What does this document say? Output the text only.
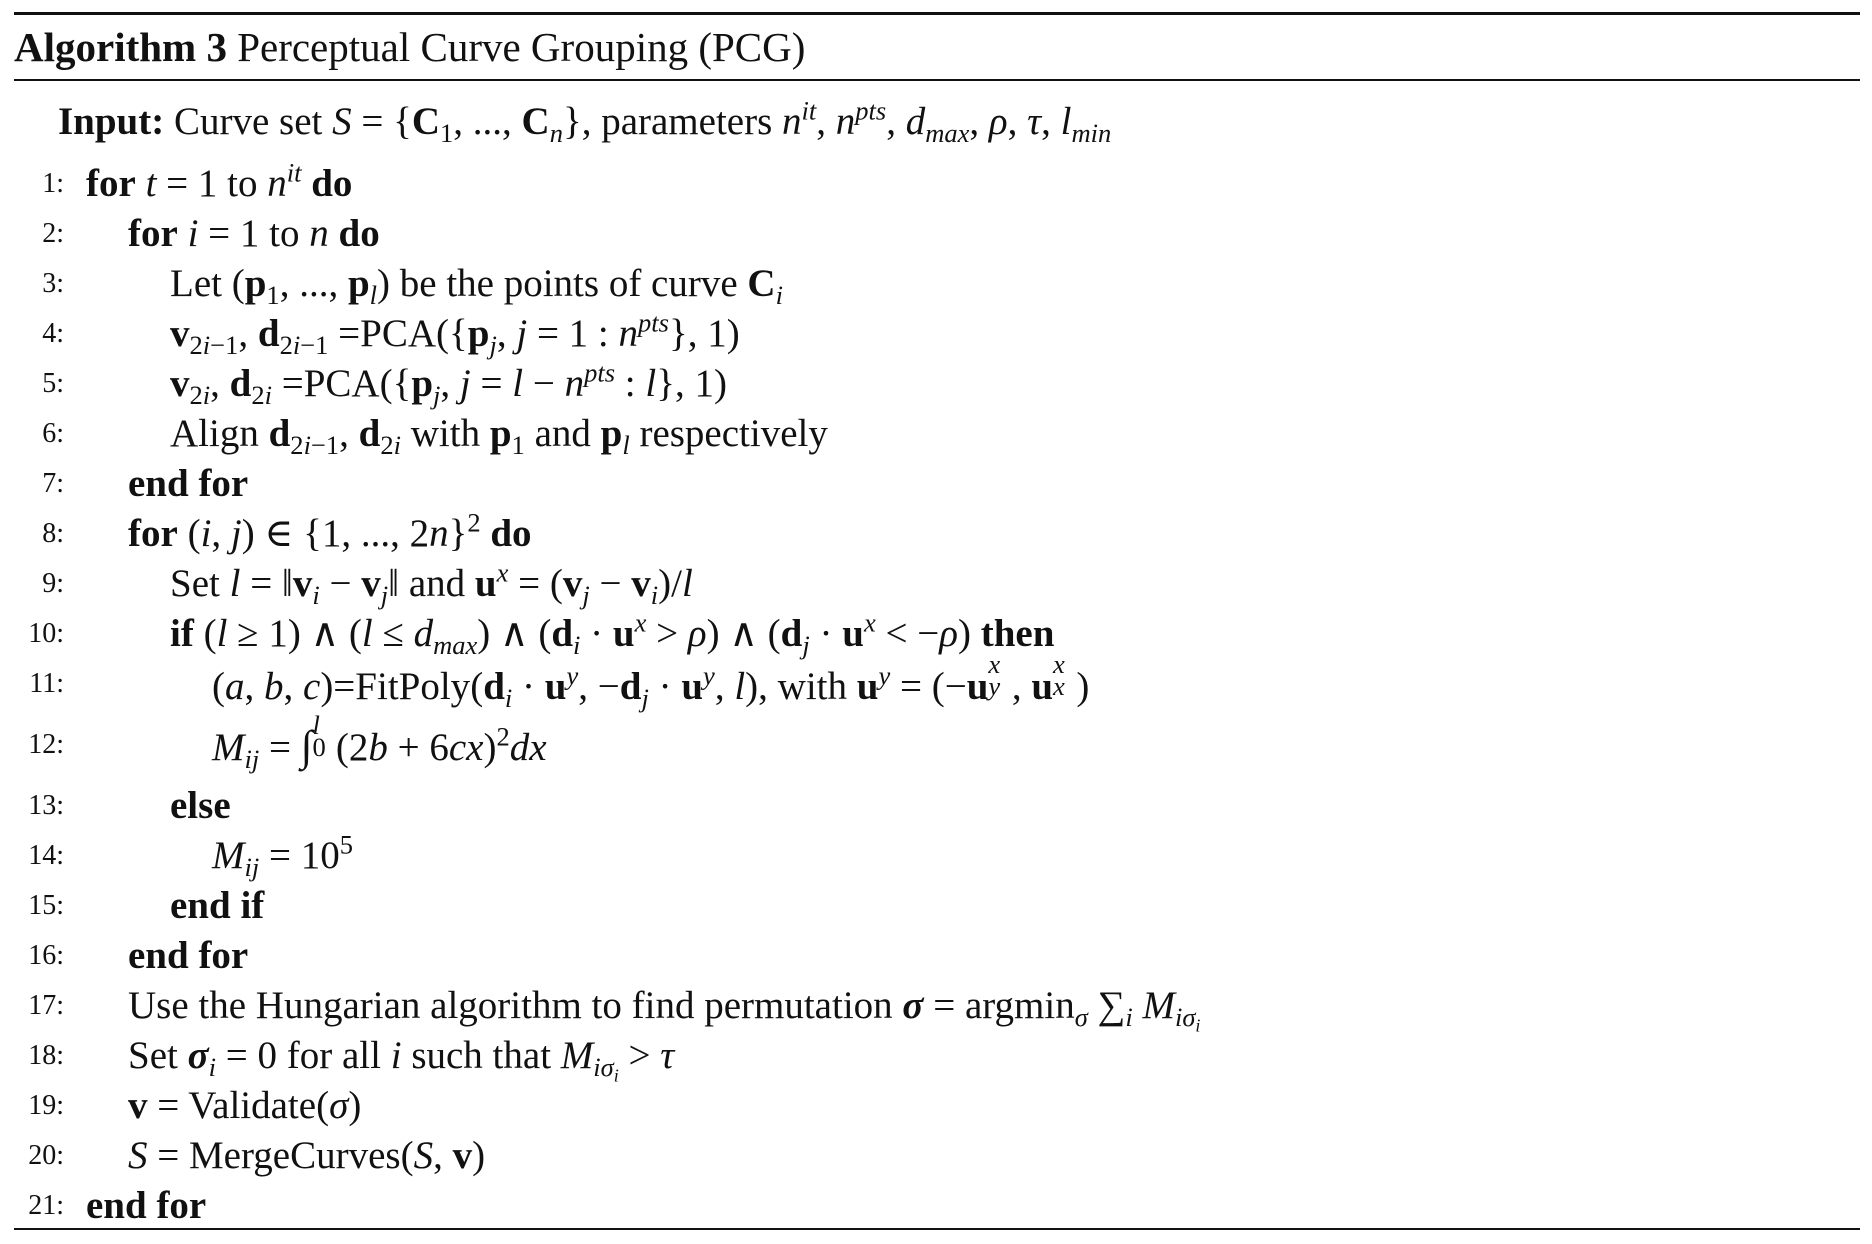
Algorithm 3 Perceptual Curve Grouping (PCG)
Input: Curve set $S = \{C_1$, ..., $C_n$}, parameters $n^{it}$, $n^{pts}$, $d_{max}$, ρ, τ, $l_{min}$
1: for t = 1 to $n^{it}$ do
2: for i = 1 to n do
3:	Let ($p_1$, ..., $p_l$) be the points of curve $C_i$
4:	$v_{2i-1}$, $d_{2i-1} =PCA(\{p_j$, j = 1 : $n^{pts}$}, 1)
5:	$v_{2i}$, $d_{2i} =PCA(\{p_j$, $j = l - n^{pts}$ : l}, 1)
6:	Align $d_{2i-1}$, $d_{2i}$ with $p_1$ and $p_l$ respectively
7: end for
8: for (i, j) ∈ {1, ..., 2n}$^2$ do
9:	Set $l = ‖v_i$ − $v_j‖$ and $u^x = (v_j - v_i)/l$
10:	if (l ≥ 1) ∧ $(l \le d_{max})$ ∧ $(d_i \cdot u^x > \rho)$ ∧ $(d_j \cdot u^x < -\rho)$ then
11:	(a, b, $c)=FitPoly(d_i \cdot u^y$, $-d_j \cdot u^y$, l), with $u^y = (-u$
x
y , u
x
x )
12:	$M_{ij}$ = ∫ l
0 $(2b + 6cx)^2dx$
13:	else
14:	$M_{ij} = 10^5$
15:	end if
16: end for
17: Use the Hungarian algorithm to find permutation σ = argmin$_\sigma$ $\sum_i$ $M_{i\sigma_i}$
18: Set $\sigma_i = 0$ for all i such that $M_{i\sigma_i} > \tau$
19: v = Validate(σ)
20: S = MergeCurves(S, v)
21: end for
